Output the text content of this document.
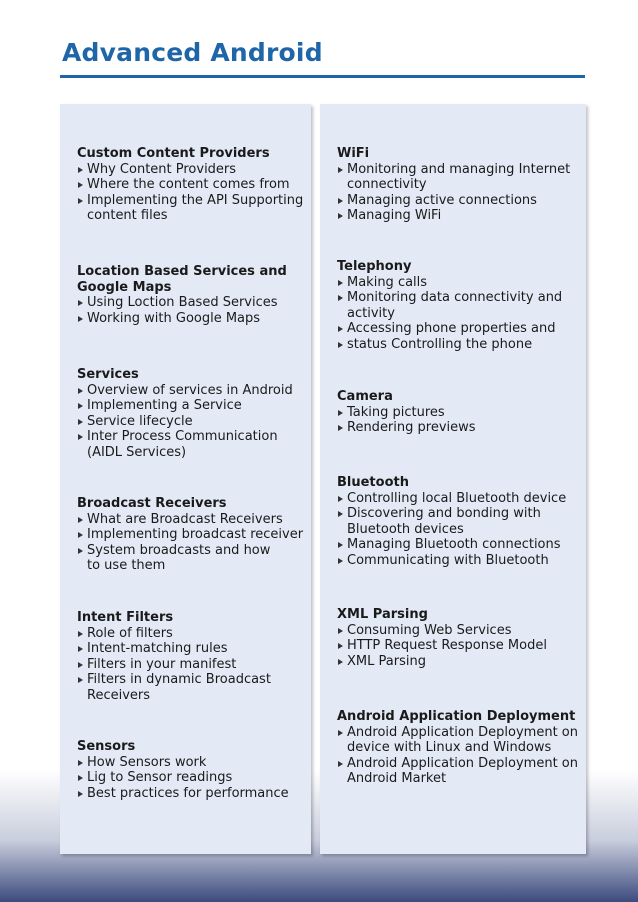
Advanced Android
Custom Content Providers
Why Content Providers
Where the content comes from
Implementing the API Supporting content files
Location Based Services and Google Maps
Using Loction Based Services
Working with Google Maps
Services
Overview of services in Android
Implementing a Service
Service lifecycle
Inter Process Communication (AIDL Services)
Broadcast Receivers
What are Broadcast Receivers
Implementing broadcast receiver
System broadcasts and how to use them
Intent Filters
Role of filters
Intent-matching rules
Filters in your manifest
Filters in dynamic Broadcast Receivers
Sensors
How Sensors work
Lig to Sensor readings
Best practices for performance
WiFi
Monitoring and managing Internet connectivity
Managing active connections
Managing WiFi
Telephony
Making calls
Monitoring data connectivity and activity
Accessing phone properties and
status Controlling the phone
Camera
Taking pictures
Rendering previews
Bluetooth
Controlling local Bluetooth device
Discovering and bonding with Bluetooth devices
Managing Bluetooth connections
Communicating with Bluetooth
XML Parsing
Consuming Web Services
HTTP Request Response Model
XML Parsing
Android Application Deployment
Android Application Deployment on device with Linux and Windows
Android Application Deployment on Android Market
